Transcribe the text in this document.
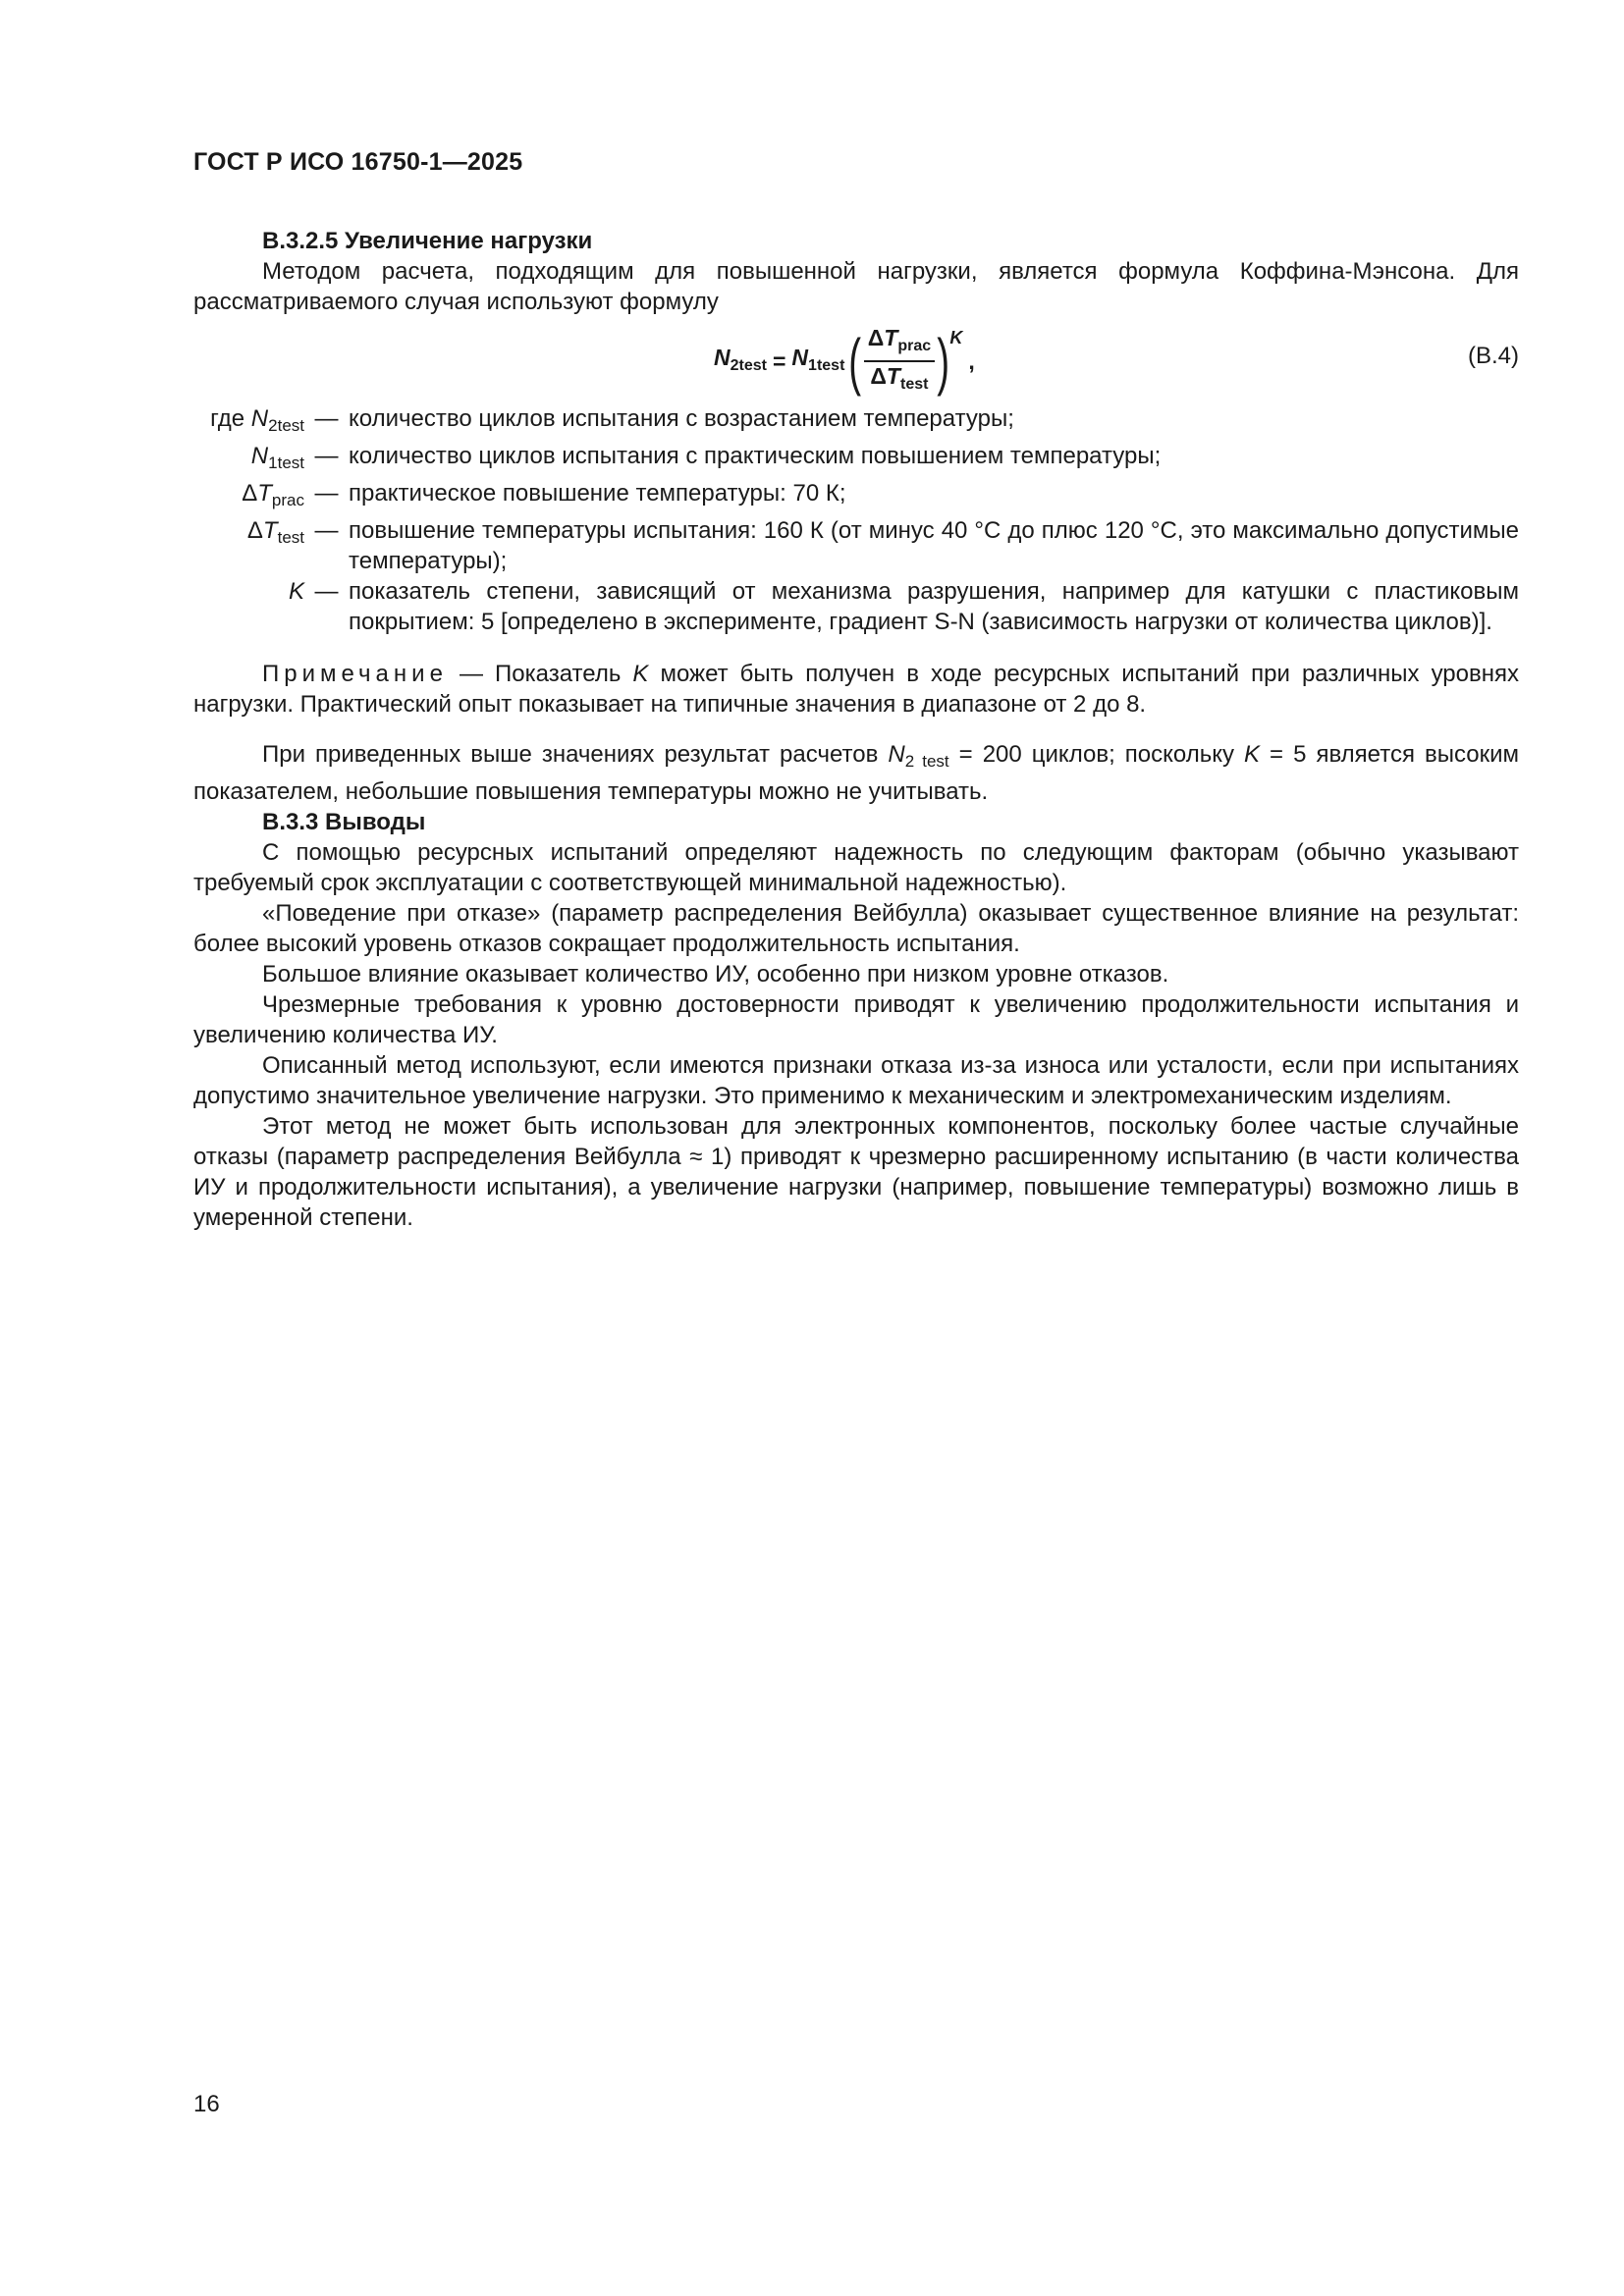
ГОСТ Р ИСО 16750-1—2025

B.3.2.5 Увеличение нагрузки

Методом расчета, подходящим для повышенной нагрузки, является формула Коффина-Мэнсона. Для рассматриваемого случая используют формулу

$N_{2test} = N_{1test}$ ( $\frac{\Delta T_{prac}}{\Delta T_{test}}$ ) K
,	(B.4)
где $N_{2test}$ — количество циклов испытания с возрастанием температуры;
$N_{1test}$ — количество циклов испытания с практическим повышением температуры;
$\Delta T_{prac}$ — практическое повышение температуры: 70 К;
$\Delta T_{test}$ — повышение температуры испытания: 160 К (от минус 40 °С до плюс 120 °С, это максимально допустимые температуры);
K — показатель степени, зависящий от механизма разрушения, например для катушки с пластиковым покрытием: 5 [определено в эксперименте, градиент S-N (зависимость нагрузки от количества циклов)].

Примечание — Показатель K может быть получен в ходе ресурсных испытаний при различных уровнях нагрузки. Практический опыт показывает на типичные значения в диапазоне от 2 до 8.

При приведенных выше значениях результат расчетов $N_{2 test} = 200$ циклов; поскольку K = 5 является высоким показателем, небольшие повышения температуры можно не учитывать.

B.3.3 Выводы

С помощью ресурсных испытаний определяют надежность по следующим факторам (обычно указывают требуемый срок эксплуатации с соответствующей минимальной надежностью).

«Поведение при отказе» (параметр распределения Вейбулла) оказывает существенное влияние на результат: более высокий уровень отказов сокращает продолжительность испытания.

Большое влияние оказывает количество ИУ, особенно при низком уровне отказов.

Чрезмерные требования к уровню достоверности приводят к увеличению продолжительности испытания и увеличению количества ИУ.

Описанный метод используют, если имеются признаки отказа из-за износа или усталости, если при испытаниях допустимо значительное увеличение нагрузки. Это применимо к механическим и электромеханическим изделиям.

Этот метод не может быть использован для электронных компонентов, поскольку более частые случайные отказы (параметр распределения Вейбулла ≈ 1) приводят к чрезмерно расширенному испытанию (в части количества ИУ и продолжительности испытания), а увеличение нагрузки (например, повышение температуры) возможно лишь в умеренной степени.

16
